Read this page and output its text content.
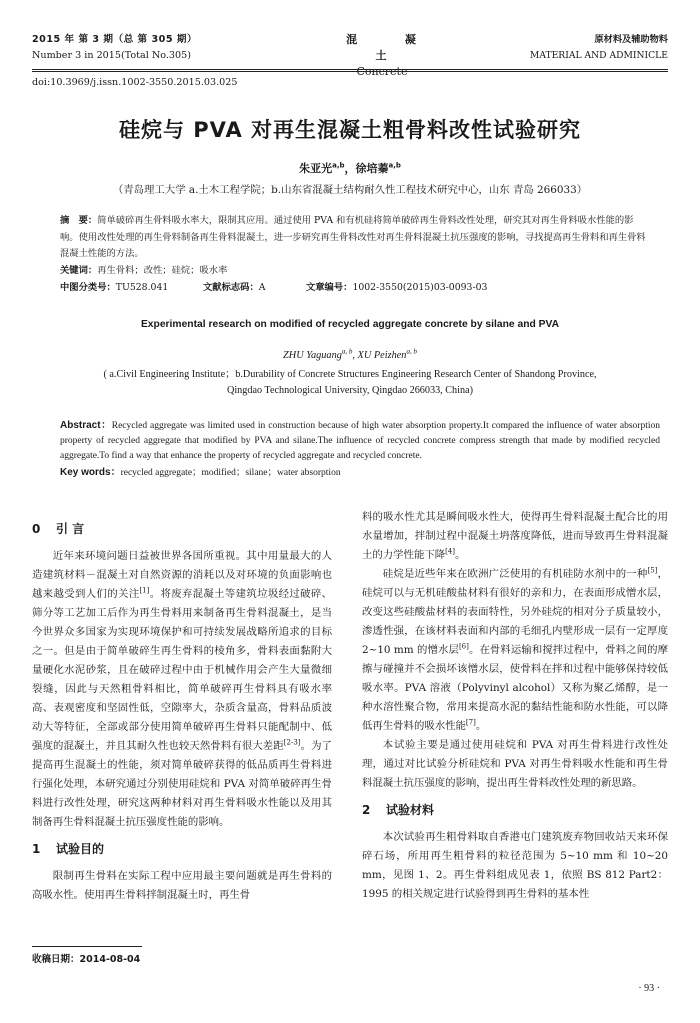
2015 年 第 3 期（总 第 305 期）
Number 3 in 2015(Total No.305)
混 凝 土
Concrete
原材料及辅助物料
MATERIAL AND ADMINICLE
doi:10.3969/j.issn.1002-3550.2015.03.025
硅烷与 PVA 对再生混凝土粗骨料改性试验研究
朱亚光$^{a,b}$，徐培蓁$^{a,b}$
（青岛理工大学 a.土木工程学院；b.山东省混凝土结构耐久性工程技术研究中心，山东 青岛 266033）
摘　要：简单破碎再生骨料吸水率大，限制其应用。通过使用 PVA 和有机硅将简单破碎再生骨料改性处理，研究其对再生骨料吸水性能的影响。使用改性处理的再生骨料制备再生骨料混凝土，进一步研究再生骨料改性对再生骨料混凝土抗压强度的影响，寻找提高再生骨料和再生骨料混凝土性能的方法。
关键词：再生骨料；改性；硅烷；吸水率
中图分类号：TU528.041	文献标志码：A	文章编号：1002-3550(2015)03-0093-03
Experimental research on modified of recycled aggregate concrete by silane and PVA
ZHU Yaguang$^{a, b}$, XU Peizhen$^{a, b}$
( a.Civil Engineering Institute；b.Durability of Concrete Structures Engineering Research Center of Shandong Province,
Qingdao Technological University, Qingdao 266033, China)
Abstract：Recycled aggregate was limited used in construction because of high water absorption property.It compared the influence of water absorption property of recycled aggregate that modified by PVA and silane.The influence of recycled concrete compress strength that made by modified recycled aggregate.To find a way that enhance the property of recycled aggregate and recycled concrete.
Key words：recycled aggregate；modified；silane；water absorption
0 引 言

近年来环境问题日益被世界各国所重视。其中用量最大的人造建筑材料－混凝土对自然资源的消耗以及对环境的负面影响也越来越受到人们的关注[1]。将废弃混凝土等建筑垃圾经过破碎、筛分等工艺加工后作为再生骨料用来制备再生骨料混凝土，是当今世界众多国家为实现环境保护和可持续发展战略所追求的目标之一。但是由于简单破碎生再生骨料的棱角多，骨料表面黏附大量硬化水泥砂浆，且在破碎过程中由于机械作用会产生大量微细裂缝，因此与天然粗骨料相比，简单破碎再生骨料具有吸水率高、表观密度和坚固性低，空隙率大，杂质含量高，骨料品质波动大等特征，全部或部分使用简单破碎再生骨料只能配制中、低强度的混凝土，并且其耐久性也较天然骨料有很大差距[2-3]。为了提高再生混凝土的性能，须对简单破碎获得的低品质再生骨料进行强化处理，本研究通过分别使用硅烷和 PVA 对简单破碎再生骨料进行改性处理，研究这两种材料对再生骨料吸水性能以及用其制备再生骨料混凝土抗压强度性能的影响。

1 试验目的

限制再生骨料在实际工程中应用最主要问题就是再生骨料的高吸水性。使用再生骨料拌制混凝土时，再生骨

料的吸水性尤其是瞬间吸水性大，使得再生骨料混凝土配合比的用水量增加，拌制过程中混凝土坍落度降低，进而导致再生骨料混凝土的力学性能下降[4]。

硅烷是近些年来在欧洲广泛使用的有机硅防水剂中的一种[5]，硅烷可以与无机硅酸盐材料有很好的亲和力，在表面形成憎水层，改变这些硅酸盐材料的表面特性，另外硅烷的相对分子质量较小，渗透性强，在该材料表面和内部的毛细孔内壁形成一层有一定厚度 2~10 mm 的憎水层[6]。在骨料运输和搅拌过程中，骨料之间的摩擦与碰撞并不会损坏该憎水层，使骨料在拌和过程中能够保持较低吸水率。PVA 溶液（Polyvinyl alcohol）又称为聚乙烯醇，是一种水溶性聚合物，常用来提高水泥的黏结性能和防水性能，可以降低再生骨料的吸水性能[7]。

本试验主要是通过使用硅烷和 PVA 对再生骨料进行改性处理，通过对比试验分析硅烷和 PVA 对再生骨料吸水性能和再生骨料混凝土抗压强度的影响，提出再生骨料改性处理的新思路。

2 试验材料

本次试验再生粗骨料取自香港屯门建筑废弃物回收站天来环保碎石场，所用再生粗骨料的粒径范围为 5~10 mm 和 10~20 mm，见图 1、2。再生骨料组成见表 1，依照 BS 812 Part2：1995 的相关规定进行试验得到再生骨料的基本性

收稿日期：2014-08-04
· 93 ·
